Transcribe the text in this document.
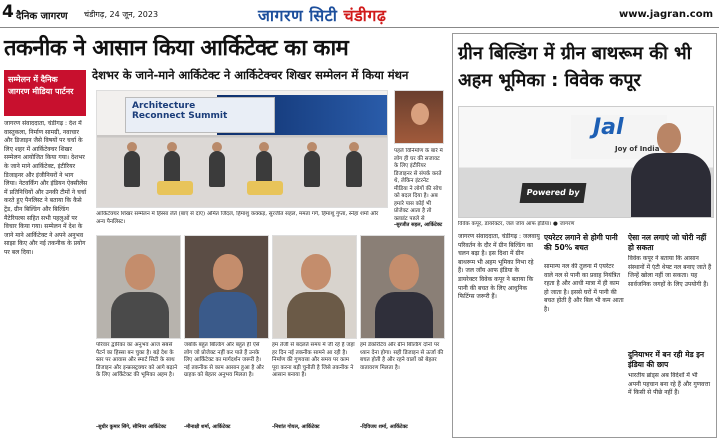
4 दैनिक जागरण चंडीगढ़, 24 जून, 2023	जागरण सिटी चंडीगढ़	www.jagran.com
तकनीक ने आसान किया आर्किटेक्ट का काम
सम्मेलन में दैनिक जागरण मीडिया पार्टनर
देशभर के जाने-माने आर्किटेक्ट ने आर्किटेक्चर शिखर सम्मेलन में किया मंथन
जागरण संवाददाता, चंडीगढ़ : देश में वास्तुकला, निर्माण सामग्री, नवाचार और डिजाइन जैसे विषयों पर चर्चा के लिए शहर में आर्किटेक्चर शिखर सम्मेलन आयोजित किया गया। देशभर के जाने माने आर्किटेक्ट, इंटीरियर डिजाइनर और इंजीनियरों ने भाग लिया। नेटवर्किंग और इंडियन ऐक्सीलेंस में प्रतिनिधियों और उनकी टीमों ने चर्चा करते हुए पैनलिस्ट ने बताया कि कैसे ट्रेंड, ग्रीन बिल्डिंग और बिल्डिंग मैटेरियल्स सहित सभी पहलुओं पर विचार किया गया। सम्मेलन में देश के जाने माने आर्किटेक्ट ने अपने अनुभव साझा किए और नई तकनीक के प्रयोग पर बल दिया।
Architecture
Reconnect Summit
आर्किटेक्चर शिखर सम्मेलन में हिस्सा लेते (बाएं से दाएं) अमित जिंदल, हिमांशु कक्कड़, सुरजीत सहल, ममता गर्ग, हिमांशु गुप्ता, स्नेहा शर्मा और अन्य पैनलिस्ट।
पहले विनिर्माण के बारे में लोग ही घर की सजावट के लिए इंटीरियर डिजाइनर से संपर्क करते थे, लेकिन इंटरनेट मीडिया ने लोगों की सोच को बदल दिया है। अब हमारे पास कोई भी प्रोजेक्ट आता है तो क्लाइंट पहले से
-सुरजीत सहल, आर्किटेक्ट
परिवार द्वारिका का अनुभव आज सबसे पैटर्न का हिस्सा बन चुका है। बड़े देश के स्तर पर आवास और स्मार्ट सिटी के साथ डिजाइन और इन्फ्रास्ट्रक्चर को आगे बढ़ाने के लिए आर्किटेक्ट की भूमिका अहम है।
-सुधीर कुमार सिंगे, सीनियर आर्किटेक्ट
जबकि बहुत बिल्डिंग और बहुत ही ऐसे लोग जो प्रोजेक्ट नहीं कर पाते हैं उनके लिए आर्किटेक्ट का मार्गदर्शन जरूरी है। नई तकनीक से काम आसान हुआ है और ग्राहक को बेहतर अनुभव मिलता है।
-मीनाक्षी शर्मा, आर्किटेक्ट
हम तेजी से बदलते समय में जी रहे हैं जहां हर दिन नई तकनीक सामने आ रही है। निर्माण की गुणवत्ता और समय पर काम पूरा करना बड़ी चुनौती है जिसे तकनीक ने आसान बनाया है।
-निशांत गोयल, आर्किटेक्ट
हमें डेकोरेटिव और ग्रीन बिल्डिंग दोनों पर ध्यान देना होगा। सही डिजाइन से ऊर्जा की बचत होती है और रहने वालों को बेहतर वातावरण मिलता है।
-दिविजय शर्मा, आर्किटेक्ट
ग्रीन बिल्डिंग में ग्रीन बाथरूम की भी अहम भूमिका : विवेक कपूर
Jal
Joy of India
Powered by
विवेक कपूर, डायरेक्टर, जल जॉय आफ इंडिया। ● जागरण
जागरण संवाददाता, चंडीगढ़ : जलवायु परिवर्तन के दौर में ग्रीन बिल्डिंग का चलन बढ़ा है। इस दिशा में ग्रीन बाथरूम भी अहम भूमिका निभा रहे हैं। जल जॉय आफ इंडिया के डायरेक्टर विवेक कपूर ने बताया कि पानी की बचत के लिए आधुनिक फिटिंग्स जरूरी हैं।
एयरेटर लगाने से होगी पानी की 50% बचत
सामान्य नल की तुलना में एयरेटर वाले नल से पानी का प्रवाह नियंत्रित रहता है और आधी मात्रा में ही काम हो जाता है। इससे घरों में पानी की बचत होती है और बिल भी कम आता है।
ऐसा नल लगाएं जो चोरी नहीं हो सकता
विवेक कपूर ने बताया कि आसान संस्थानों में एंटी थेफ्ट नल बनाए जाते हैं जिन्हें खोला नहीं जा सकता। यह सार्वजनिक जगहों के लिए उपयोगी हैं।
दुनियाभर में बन रही मेड इन इंडिया की छाप
भारतीय ब्रांड्स अब विदेशों में भी अपनी पहचान बना रहे हैं और गुणवत्ता में किसी से पीछे नहीं हैं।
